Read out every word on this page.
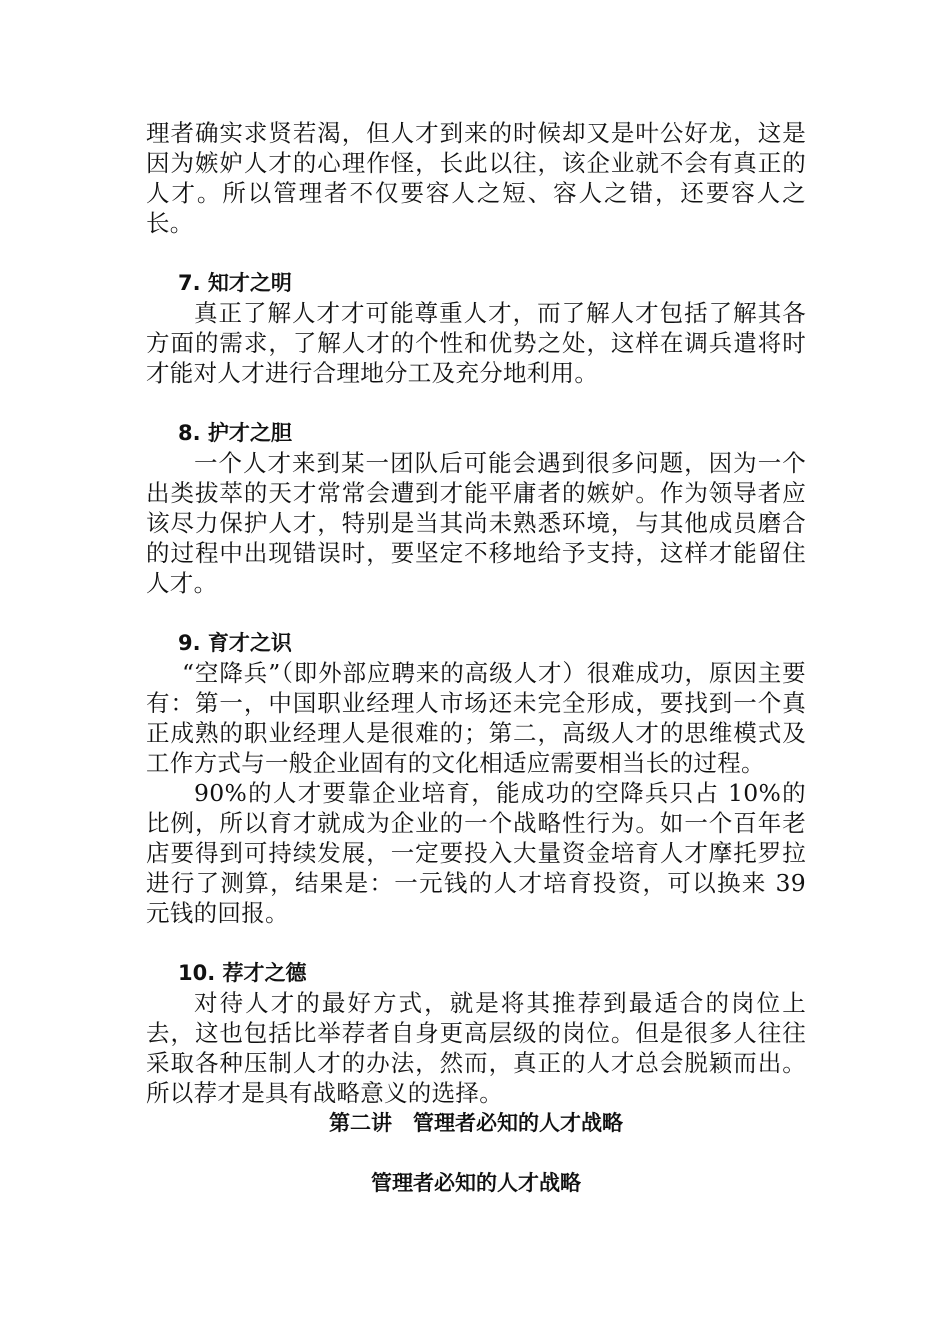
理者确实求贤若渴，但人才到来的时候却又是叶公好龙，这是因为嫉妒人才的心理作怪，长此以往，该企业就不会有真正的人才。所以管理者不仅要容人之短、容人之错，还要容人之长。

7. 知才之明

真正了解人才才可能尊重人才，而了解人才包括了解其各方面的需求，了解人才的个性和优势之处，这样在调兵遣将时才能对人才进行合理地分工及充分地利用。

8. 护才之胆

一个人才来到某一团队后可能会遇到很多问题，因为一个出类拔萃的天才常常会遭到才能平庸者的嫉妒。作为领导者应该尽力保护人才，特别是当其尚未熟悉环境，与其他成员磨合的过程中出现错误时，要坚定不移地给予支持，这样才能留住人才。

9. 育才之识

“空降兵”（即外部应聘来的高级人才）很难成功，原因主要有：第一，中国职业经理人市场还未完全形成，要找到一个真正成熟的职业经理人是很难的；第二，高级人才的思维模式及工作方式与一般企业固有的文化相适应需要相当长的过程。

90%的人才要靠企业培育，能成功的空降兵只占 10%的比例，所以育才就成为企业的一个战略性行为。如一个百年老店要得到可持续发展，一定要投入大量资金培育人才摩托罗拉进行了测算，结果是：一元钱的人才培育投资，可以换来 39 元钱的回报。

10. 荐才之德

对待人才的最好方式，就是将其推荐到最适合的岗位上去，这也包括比举荐者自身更高层级的岗位。但是很多人往往采取各种压制人才的办法，然而，真正的人才总会脱颖而出。所以荐才是具有战略意义的选择。

第二讲　管理者必知的人才战略

管理者必知的人才战略
